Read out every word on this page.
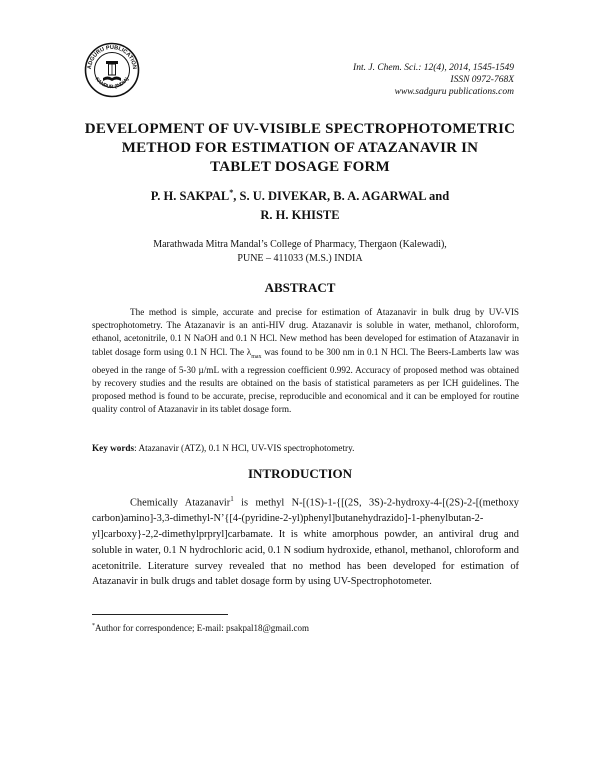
ADGURU PUBLICATION
KANPUR (INDIA)
Int. J. Chem. Sci.: 12(4), 2014, 1545-1549
ISSN 0972-768X
www.sadguru publications.com
DEVELOPMENT OF UV-VISIBLE SPECTROPHOTOMETRIC
METHOD FOR ESTIMATION OF ATAZANAVIR IN
TABLET DOSAGE FORM
P. H. SAKPAL*, S. U. DIVEKAR, B. A. AGARWAL and
R. H. KHISTE
Marathwada Mitra Mandal’s College of Pharmacy, Thergaon (Kalewadi),
PUNE – 411033 (M.S.) INDIA
ABSTRACT

The method is simple, accurate and precise for estimation of Atazanavir in bulk drug by UV-VIS spectrophotometry. The Atazanavir is an anti-HIV drug. Atazanavir is soluble in water, methanol, chloroform, ethanol, acetonitrile, 0.1 N NaOH and 0.1 N HCl. New method has been developed for estimation of Atazanavir in tablet dosage form using 0.1 N HCl. The $\lambda_{max}$ was found to be 300 nm in 0.1 N HCl. The Beers-Lamberts law was obeyed in the range of 5-30 µ/mL with a regression coefficient 0.992. Accuracy of proposed method was obtained by recovery studies and the results are obtained on the basis of statistical parameters as per ICH guidelines. The proposed method is found to be accurate, precise, reproducible and economical and it can be employed for routine quality control of Atazanavir in its tablet dosage form.

Key words: Atazanavir (ATZ), 0.1 N HCl, UV-VIS spectrophotometry.
INTRODUCTION

Chemically Atazanavir$^1$ is methyl N-[(1S)-1-{[(2S, 3S)-2-hydroxy-4-[(2S)-2-[(methoxy carbon)amino]-3,3-dimethyl-N’{[4-(pyridine-2-yl)phenyl]butanehydrazido]-1-phenylbutan-2-yl]carboxy}-2,2-dimethylprpryl]carbamate. It is white amorphous powder, an antiviral drug and soluble in water, 0.1 N hydrochloric acid, 0.1 N sodium hydroxide, ethanol, methanol, chloroform and acetonitrile. Literature survey revealed that no method has been developed for estimation of Atazanavir in bulk drugs and tablet dosage form by using UV-Spectrophotometer.

*Author for correspondence; E-mail: psakpal18@gmail.com
